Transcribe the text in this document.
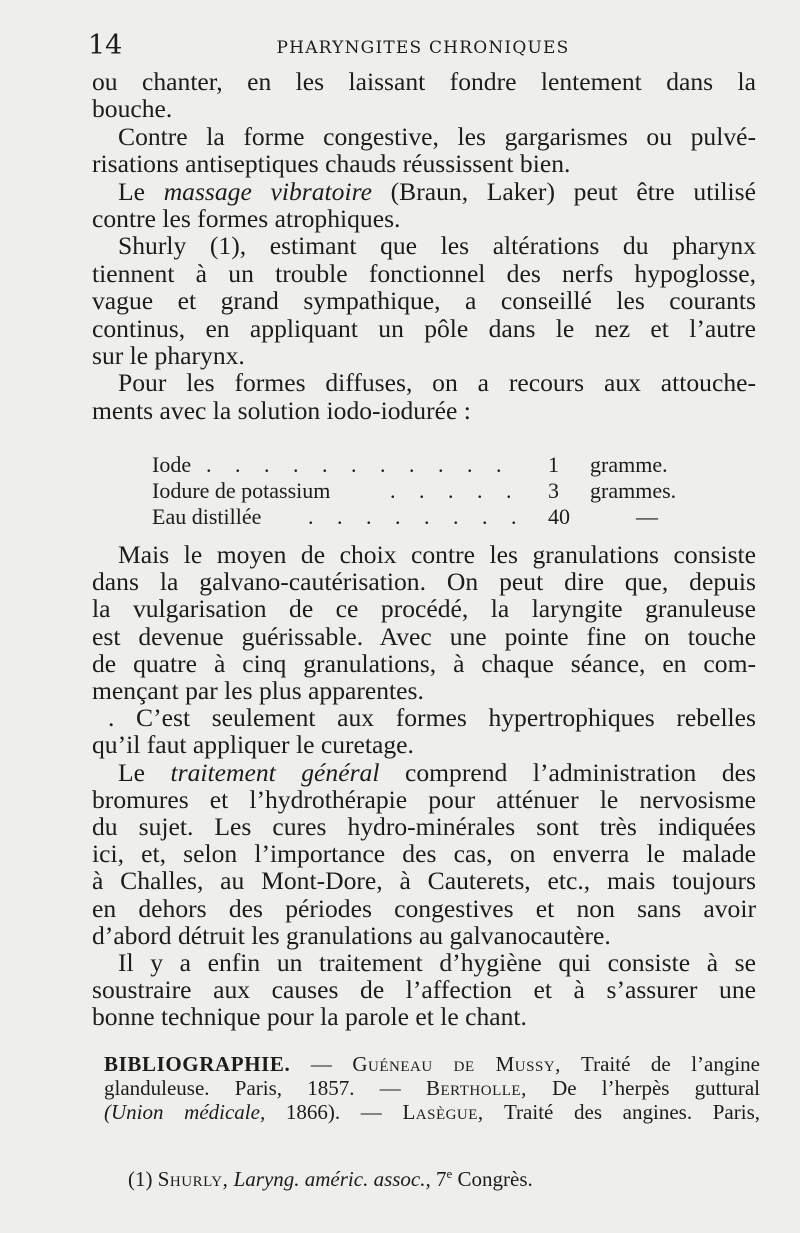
14	PHARYNGITES CHRONIQUES
ou chanter, en les laissant fondre lentement dans la
bouche.
Contre la forme congestive, les gargarismes ou pulvé-
risations antiseptiques chauds réussissent bien.
Le massage vibratoire (Braun, Laker) peut être utilisé
contre les formes atrophiques.
Shurly (1), estimant que les altérations du pharynx
tiennent à un trouble fonctionnel des nerfs hypoglosse,
vague et grand sympathique, a conseillé les courants
continus, en appliquant un pôle dans le nez et l’autre
sur le pharynx.
Pour les formes diffuses, on a recours aux attouche-
ments avec la solution iodo-iodurée :
Iode . . . . . . . . . . . 1	gramme.
Iodure de potassium	. . . . . 3	grammes.
Eau distillée . . . . . . . . 40	—
Mais le moyen de choix contre les granulations consiste
dans la galvano-cautérisation. On peut dire que, depuis
la vulgarisation de ce procédé, la laryngite granuleuse
est devenue guérissable. Avec une pointe fine on touche
de quatre à cinq granulations, à chaque séance, en com-
mençant par les plus apparentes.
. C’est seulement aux formes hypertrophiques rebelles
qu’il faut appliquer le curetage.
Le traitement général comprend l’administration des
bromures et l’hydrothérapie pour atténuer le nervosisme
du sujet. Les cures hydro-minérales sont très indiquées
ici, et, selon l’importance des cas, on enverra le malade
à Challes, au Mont-Dore, à Cauterets, etc., mais toujours
en dehors des périodes congestives et non sans avoir
d’abord détruit les granulations au galvanocautère.
Il y a enfin un traitement d’hygiène qui consiste à se
soustraire aux causes de l’affection et à s’assurer une
bonne technique pour la parole et le chant.
BIBLIOGRAPHIE. — Guéneau de Mussy, Traité de l’angine
glanduleuse. Paris, 1857. — Bertholle, De l’herpès guttural
(Union médicale, 1866). — Lasègue, Traité des angines. Paris,
(1) Shurly, Laryng. améric. assoc., 7e Congrès.
